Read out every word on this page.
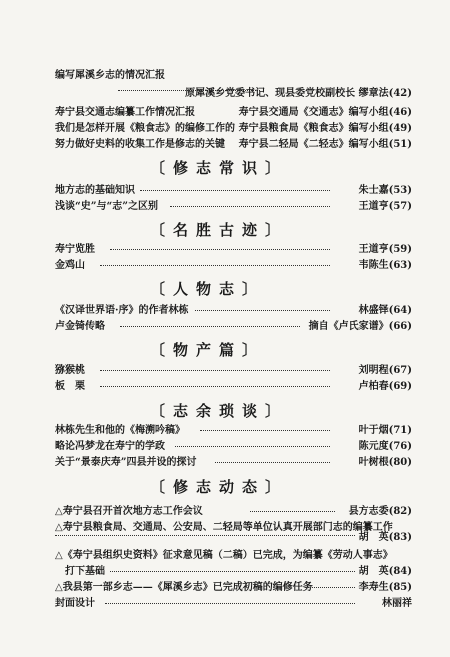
编写犀溪乡志的情况汇报
原犀溪乡党委书记、现县委党校副校长 缪章法(42)
寿宁县交通志编纂工作情况汇报	寿宁县交通局《交通志》编写小组(46)
我们是怎样开展《粮食志》的编修工作的 寿宁县粮食局《粮食志》编写小组(49)
努力做好史料的收集工作是修志的关键 寿宁县二轻局《二轻志》编写小组(51)
〔修志常识〕
地方志的基础知识	朱士嘉(53)
浅谈“史”与“志”之区别	王道亨(57)
〔名胜古迹〕
寿宁览胜	王道亨(59)
金鸡山	韦陈生(63)
〔人物志〕
《汉译世界语·序》的作者林栋	林盛铎(64)
卢金锜传略	摘自《卢氏家谱》(66)
〔物产篇〕
猕猴桃	刘明程(67)
板　栗	卢柏春(69)
〔志余琐谈〕
林栋先生和他的《梅溯吟稿》	叶于烟(71)
略论冯梦龙在寿宁的学政	陈元度(76)
关于“景泰庆寿”四县并设的探讨	叶树根(80)
〔修志动态〕
△寿宁县召开首次地方志工作会议	县方志委(82)
△寿宁县粮食局、交通局、公安局、二轻局等单位认真开展部门志的编纂工作
胡　英(83)
△《寿宁县组织史资料》征求意见稿（二稿）已完成，为编纂《劳动人事志》
打下基础	胡　英(84)
△我县第一部乡志——《犀溪乡志》已完成初稿的编修任务	李寿生(85)
封面设计	林丽祥
